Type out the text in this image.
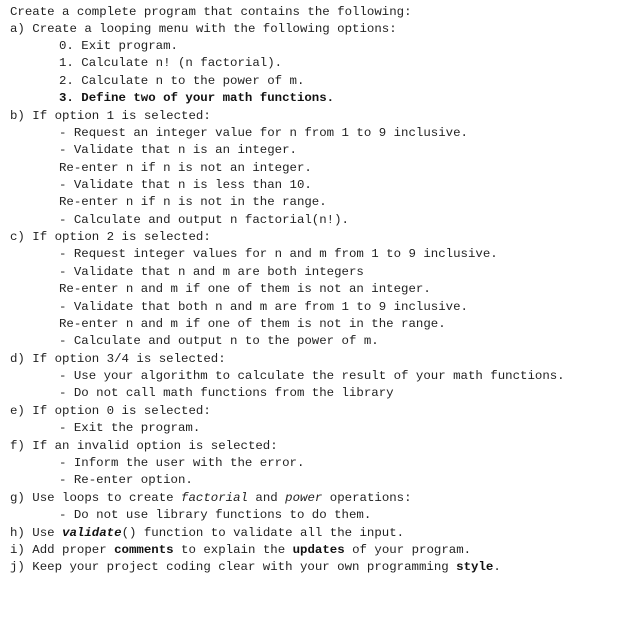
Create a complete program that contains the following:

a) Create a looping menu with the following options:

0. Exit program.

1. Calculate n! (n factorial).

2. Calculate n to the power of m.

3. Define two of your math functions.

b) If option 1 is selected:

- Request an integer value for n from 1 to 9 inclusive.

- Validate that n is an integer.

Re-enter n if n is not an integer.

- Validate that n is less than 10.

Re-enter n if n is not in the range.

- Calculate and output n factorial(n!).

c) If option 2 is selected:

- Request integer values for n and m from 1 to 9 inclusive.

- Validate that n and m are both integers

Re-enter n and m if one of them is not an integer.

- Validate that both n and m are from 1 to 9 inclusive.

Re-enter n and m if one of them is not in the range.

- Calculate and output n to the power of m.

d) If option 3/4 is selected:

- Use your algorithm to calculate the result of your math functions.

- Do not call math functions from the library

e) If option 0 is selected:

- Exit the program.

f) If an invalid option is selected:

- Inform the user with the error.

- Re-enter option.

g) Use loops to create factorial and power operations:

- Do not use library functions to do them.

h) Use validate() function to validate all the input.

i) Add proper comments to explain the updates of your program.

j) Keep your project coding clear with your own programming style.
